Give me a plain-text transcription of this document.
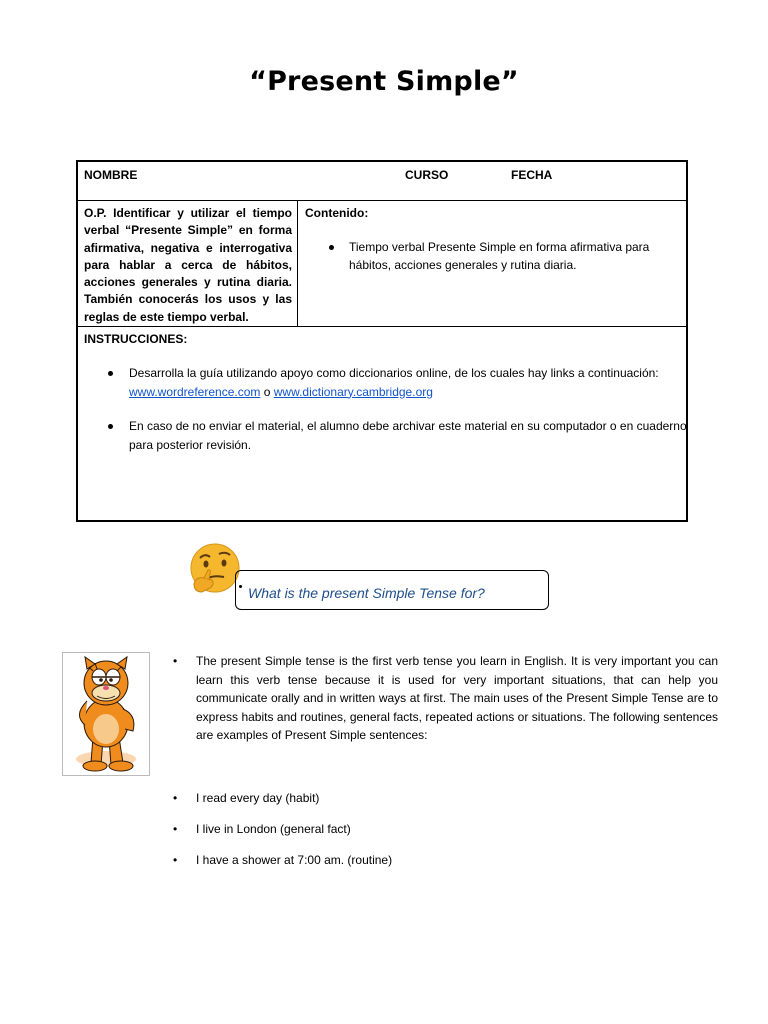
“Present Simple”
NOMBRE	CURSO	FECHA
O.P. Identificar y utilizar el tiempo
verbal “Presente Simple” en forma
afirmativa, negativa e interrogativa
para hablar a cerca de hábitos,
acciones generales y rutina diaria.
También conocerás los usos y las
reglas de este tiempo verbal.
Contenido:
Tiempo verbal Presente Simple en forma afirmativa para hábitos, acciones generales y rutina diaria.
INSTRUCCIONES:
Desarrolla la guía utilizando apoyo como diccionarios online, de los cuales hay links a continuación:
www.wordreference.com o www.dictionary.cambridge.org
En caso de no enviar el material, el alumno debe archivar este material en su computador o en cuaderno para posterior revisión.
What is the present Simple Tense for?
• The present Simple tense is the first verb tense you learn in English. It is very important you can learn this verb tense because it is used for very important situations, that can help you communicate orally and in written ways at first. The main uses of the Present Simple Tense are to express habits and routines, general facts, repeated actions or situations. The following sentences are examples of Present Simple sentences:
• I read every day (habit)
• I live in London (general fact)
• I have a shower at 7:00 am. (routine)
